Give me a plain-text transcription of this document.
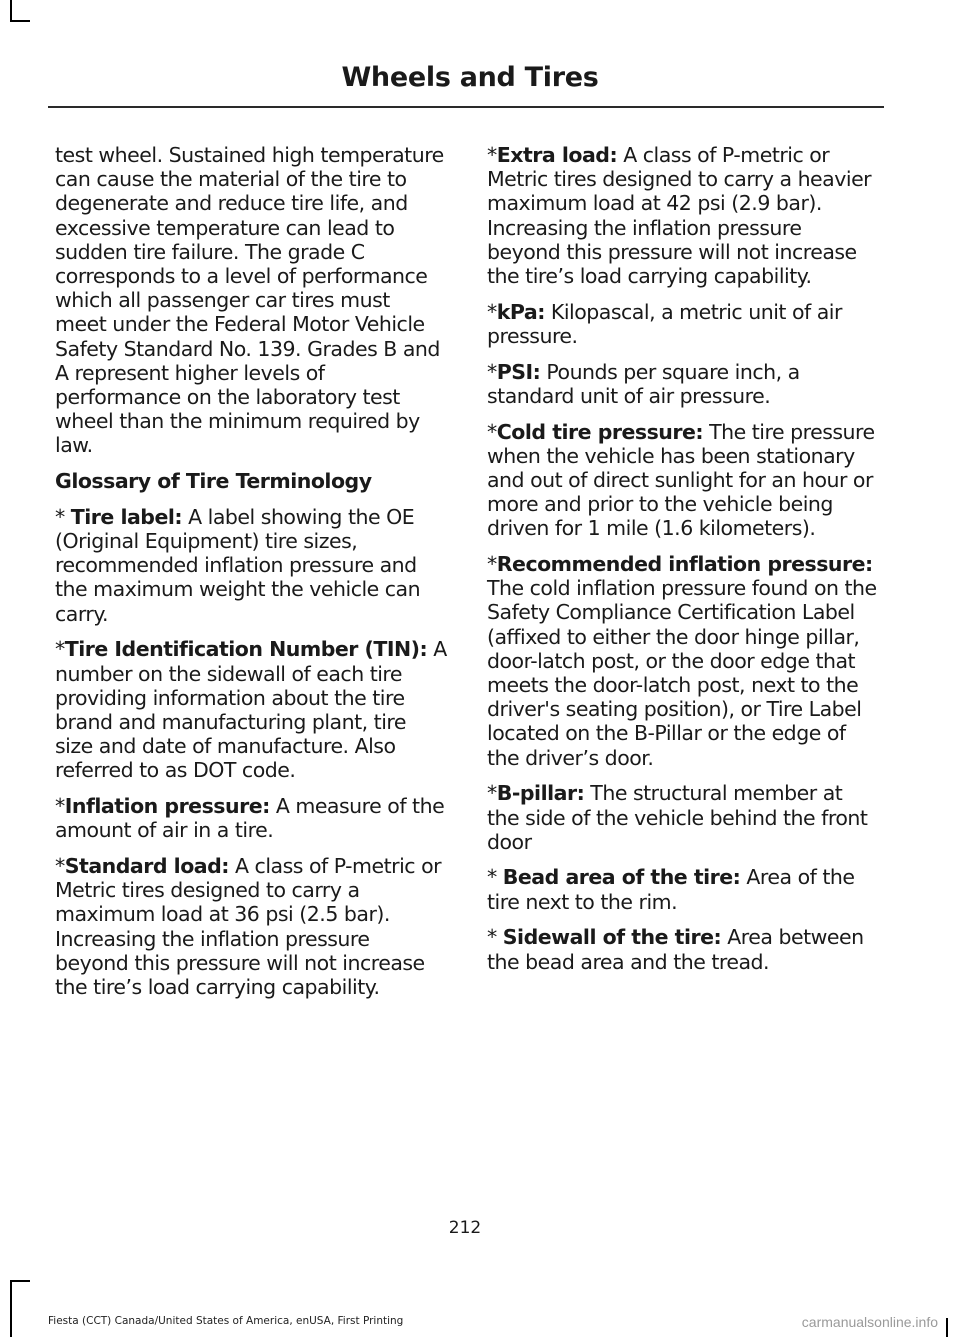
Wheels and Tires

test wheel. Sustained high temperature can cause the material of the tire to degenerate and reduce tire life, and excessive temperature can lead to sudden tire failure. The grade C corresponds to a level of performance which all passenger car tires must meet under the Federal Motor Vehicle Safety Standard No. 139. Grades B and A represent higher levels of performance on the laboratory test wheel than the minimum required by law.

Glossary of Tire Terminology

* Tire label: A label showing the OE (Original Equipment) tire sizes, recommended inflation pressure and the maximum weight the vehicle can carry.

*Tire Identification Number (TIN): A number on the sidewall of each tire providing information about the tire brand and manufacturing plant, tire size and date of manufacture. Also referred to as DOT code.

*Inflation pressure: A measure of the amount of air in a tire.

*Standard load: A class of P-metric or Metric tires designed to carry a maximum load at 36 psi (2.5 bar). Increasing the inflation pressure beyond this pressure will not increase the tire’s load carrying capability.

*Extra load: A class of P-metric or Metric tires designed to carry a heavier maximum load at 42 psi (2.9 bar). Increasing the inflation pressure beyond this pressure will not increase the tire’s load carrying capability.

*kPa: Kilopascal, a metric unit of air pressure.

*PSI: Pounds per square inch, a standard unit of air pressure.

*Cold tire pressure: The tire pressure when the vehicle has been stationary and out of direct sunlight for an hour or more and prior to the vehicle being driven for 1 mile (1.6 kilometers).

*Recommended inflation pressure: The cold inflation pressure found on the Safety Compliance Certification Label (affixed to either the door hinge pillar, door-latch post, or the door edge that meets the door-latch post, next to the driver's seating position), or Tire Label located on the B-Pillar or the edge of the driver’s door.

*B-pillar: The structural member at the side of the vehicle behind the front door

* Bead area of the tire: Area of the tire next to the rim.

* Sidewall of the tire: Area between the bead area and the tread.

212
Fiesta (CCT) Canada/United States of America, enUSA, First Printing	carmanualsonline.info
